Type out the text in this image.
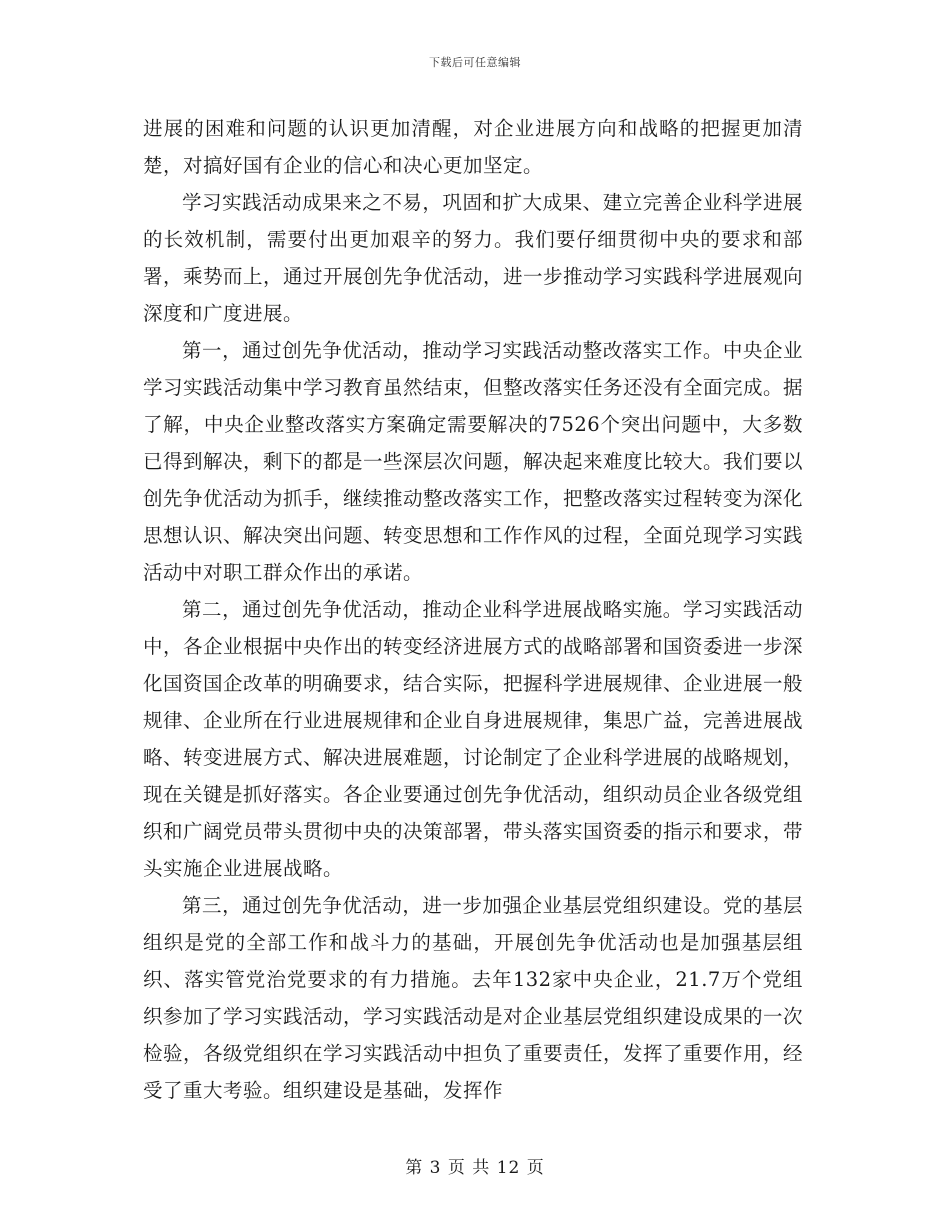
下载后可任意编辑

进展的困难和问题的认识更加清醒，对企业进展方向和战略的把握更加清楚，对搞好国有企业的信心和决心更加坚定。

学习实践活动成果来之不易，巩固和扩大成果、建立完善企业科学进展的长效机制，需要付出更加艰辛的努力。我们要仔细贯彻中央的要求和部署，乘势而上，通过开展创先争优活动，进一步推动学习实践科学进展观向深度和广度进展。

第一，通过创先争优活动，推动学习实践活动整改落实工作。中央企业学习实践活动集中学习教育虽然结束，但整改落实任务还没有全面完成。据了解，中央企业整改落实方案确定需要解决的7526个突出问题中，大多数已得到解决，剩下的都是一些深层次问题，解决起来难度比较大。我们要以创先争优活动为抓手，继续推动整改落实工作，把整改落实过程转变为深化思想认识、解决突出问题、转变思想和工作作风的过程，全面兑现学习实践活动中对职工群众作出的承诺。

第二，通过创先争优活动，推动企业科学进展战略实施。学习实践活动中，各企业根据中央作出的转变经济进展方式的战略部署和国资委进一步深化国资国企改革的明确要求，结合实际，把握科学进展规律、企业进展一般规律、企业所在行业进展规律和企业自身进展规律，集思广益，完善进展战略、转变进展方式、解决进展难题，讨论制定了企业科学进展的战略规划，现在关键是抓好落实。各企业要通过创先争优活动，组织动员企业各级党组织和广阔党员带头贯彻中央的决策部署，带头落实国资委的指示和要求，带头实施企业进展战略。

第三，通过创先争优活动，进一步加强企业基层党组织建设。党的基层组织是党的全部工作和战斗力的基础，开展创先争优活动也是加强基层组织、落实管党治党要求的有力措施。去年132家中央企业，21.7万个党组织参加了学习实践活动，学习实践活动是对企业基层党组织建设成果的一次检验，各级党组织在学习实践活动中担负了重要责任，发挥了重要作用，经受了重大考验。组织建设是基础，发挥作

第 3 页 共 12 页
